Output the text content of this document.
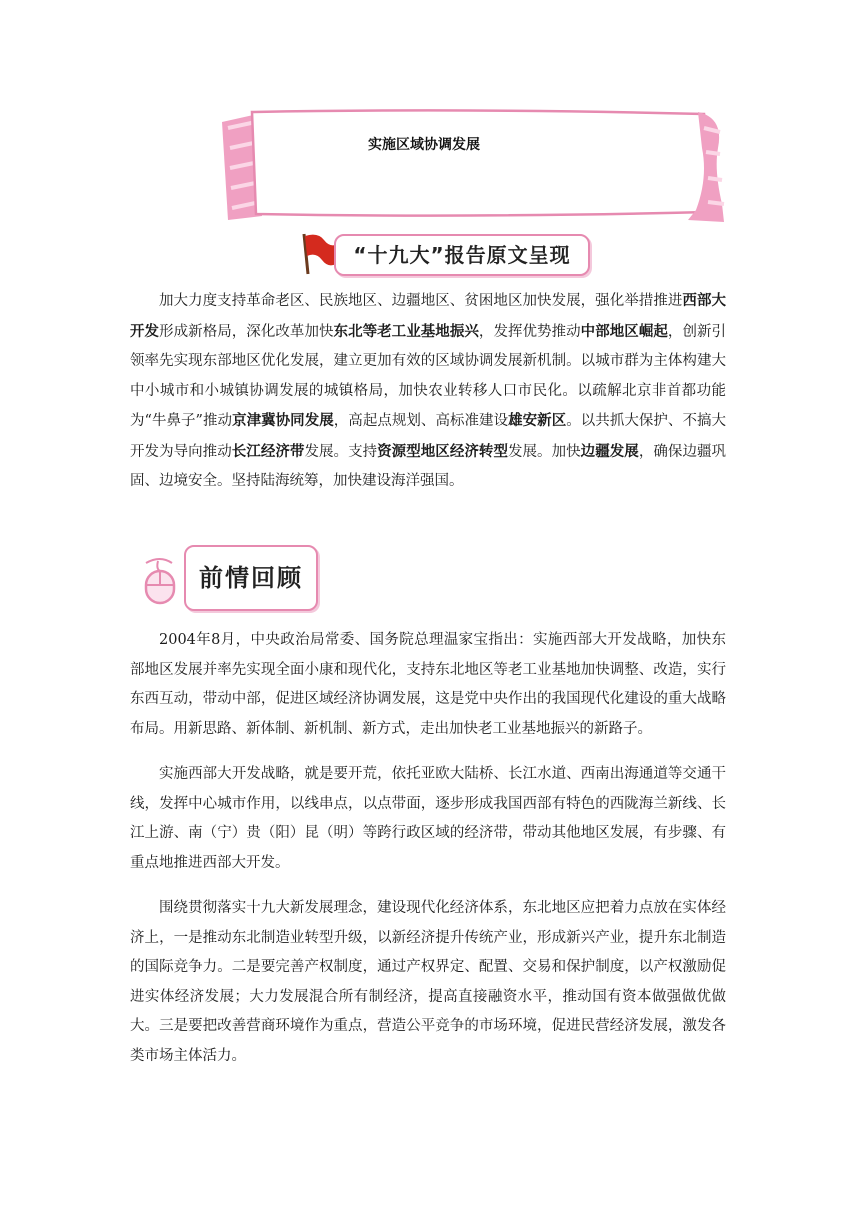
实施区域协调发展
“十九大”报告原文呈现

加大力度支持革命老区、民族地区、边疆地区、贫困地区加快发展，强化举措推进西部大开发形成新格局，深化改革加快东北等老工业基地振兴，发挥优势推动中部地区崛起，创新引领率先实现东部地区优化发展，建立更加有效的区域协调发展新机制。以城市群为主体构建大中小城市和小城镇协调发展的城镇格局，加快农业转移人口市民化。以疏解北京非首都功能为“牛鼻子”推动京津冀协同发展，高起点规划、高标准建设雄安新区。以共抓大保护、不搞大开发为导向推动长江经济带发展。支持资源型地区经济转型发展。加快边疆发展，确保边疆巩固、边境安全。坚持陆海统筹，加快建设海洋强国。

前情回顾

2004年8月，中央政治局常委、国务院总理温家宝指出：实施西部大开发战略，加快东部地区发展并率先实现全面小康和现代化，支持东北地区等老工业基地加快调整、改造，实行东西互动，带动中部，促进区域经济协调发展，这是党中央作出的我国现代化建设的重大战略布局。用新思路、新体制、新机制、新方式，走出加快老工业基地振兴的新路子。

实施西部大开发战略，就是要开荒，依托亚欧大陆桥、长江水道、西南出海通道等交通干线，发挥中心城市作用，以线串点，以点带面，逐步形成我国西部有特色的西陇海兰新线、长江上游、南（宁）贵（阳）昆（明）等跨行政区域的经济带，带动其他地区发展，有步骤、有重点地推进西部大开发。

围绕贯彻落实十九大新发展理念，建设现代化经济体系，东北地区应把着力点放在实体经济上，一是推动东北制造业转型升级，以新经济提升传统产业，形成新兴产业，提升东北制造的国际竞争力。二是要完善产权制度，通过产权界定、配置、交易和保护制度，以产权激励促进实体经济发展；大力发展混合所有制经济，提高直接融资水平，推动国有资本做强做优做大。三是要把改善营商环境作为重点，营造公平竞争的市场环境，促进民营经济发展，激发各类市场主体活力。
